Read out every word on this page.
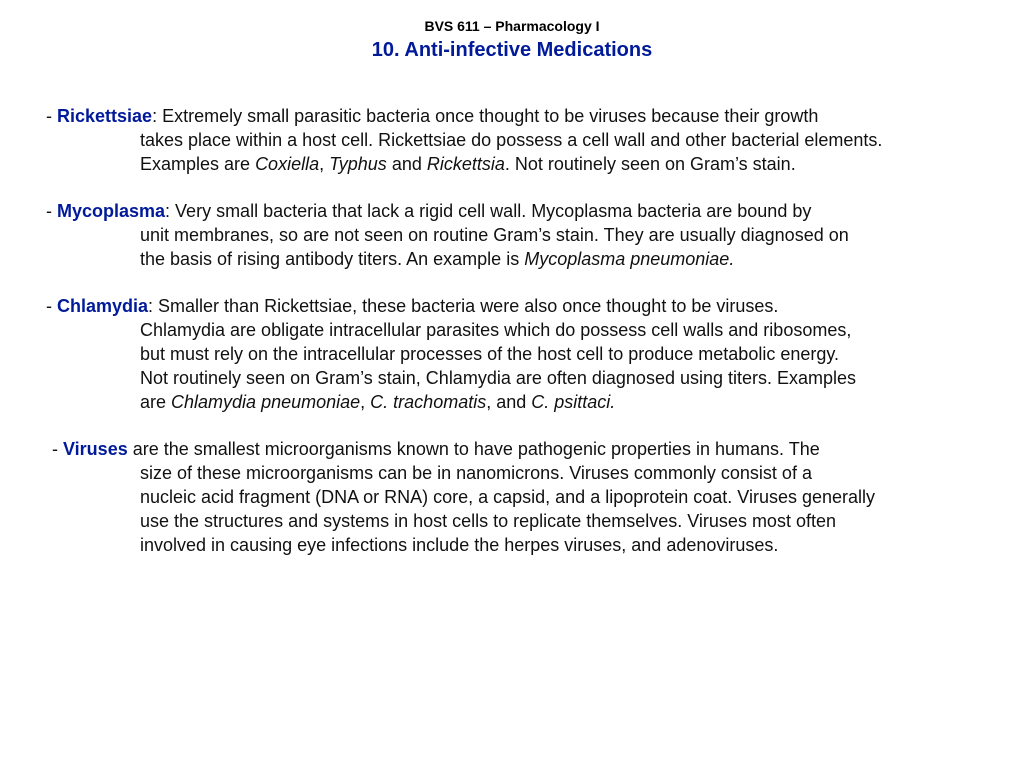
BVS 611 – Pharmacology I
10. Anti-infective Medications

- Rickettsiae: Extremely small parasitic bacteria once thought to be viruses because their growth

takes place within a host cell. Rickettsiae do possess a cell wall and other bacterial elements.

Examples are Coxiella, Typhus and Rickettsia. Not routinely seen on Gram’s stain.

- Mycoplasma: Very small bacteria that lack a rigid cell wall. Mycoplasma bacteria are bound by

unit membranes, so are not seen on routine Gram’s stain. They are usually diagnosed on

the basis of rising antibody titers. An example is Mycoplasma pneumoniae.

- Chlamydia: Smaller than Rickettsiae, these bacteria were also once thought to be viruses.

Chlamydia are obligate intracellular parasites which do possess cell walls and ribosomes,

but must rely on the intracellular processes of the host cell to produce metabolic energy.

Not routinely seen on Gram’s stain, Chlamydia are often diagnosed using titers. Examples

are Chlamydia pneumoniae, C. trachomatis, and C. psittaci.

- Viruses are the smallest microorganisms known to have pathogenic properties in humans. The

size of these microorganisms can be in nanomicrons. Viruses commonly consist of a

nucleic acid fragment (DNA or RNA) core, a capsid, and a lipoprotein coat. Viruses generally

use the structures and systems in host cells to replicate themselves. Viruses most often

involved in causing eye infections include the herpes viruses, and adenoviruses.
